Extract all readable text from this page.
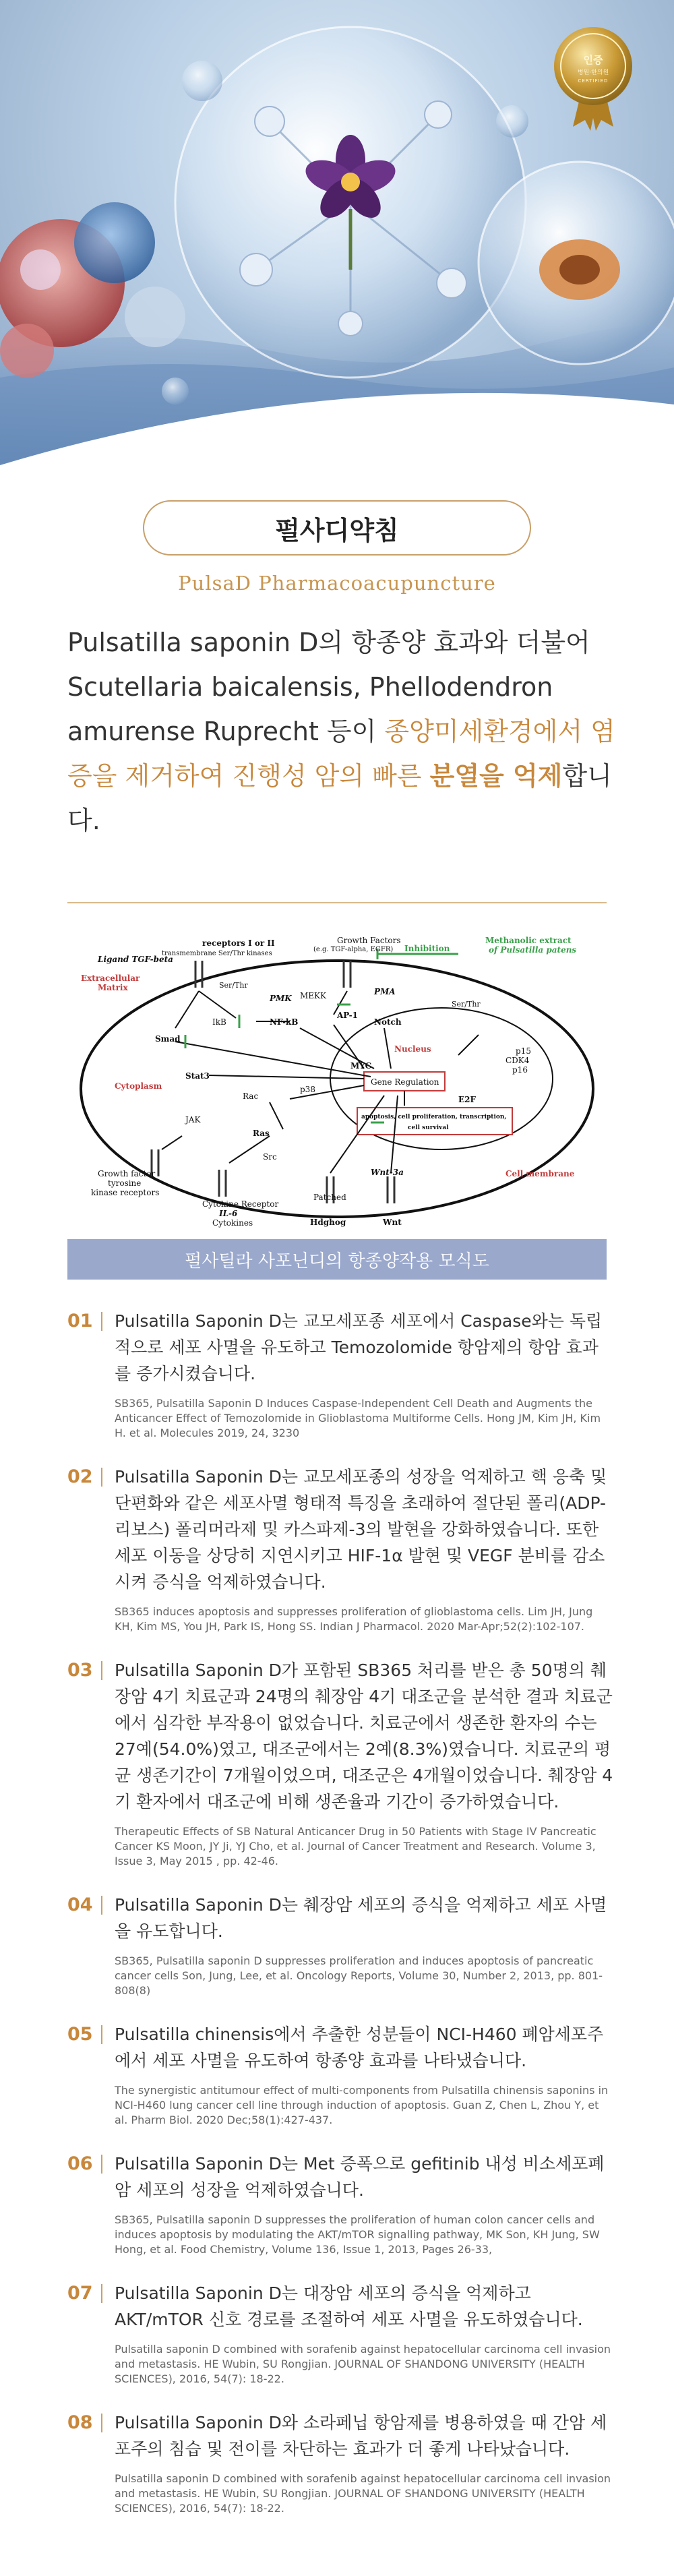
인증
병원·한의원
CERTIFIED
펄사디약침
PulsaD Pharmacoacupuncture
Pulsatilla saponin D의 항종양 효과와 더불어 Scutellaria baicalensis, Phellodendron amurense Ruprecht 등이 종양미세환경에서 염증을 제거하여 진행성 암의 빠른 분열을 억제합니다.
receptors I or II
transmembrane Ser/Thr kinases
Ligand TGF-beta
Growth Factors
(e.g. TGF-alpha, EGFR) Inhibition
Methanolic extract
of Pulsatilla patens
Extracellular
Matrix	Ser/Thr
Ser/Thr
PMK MEKK	PMA
IkB	NF-kB
AP-1
Notch
Smad
Stat3
Nucleus	p15
CDK4
p16
MYC
Cytoplasm
Rac
p38
Gene Regulation
E2F
apoptosis, cell proliferation, transcription,
cell survival
JAK
Ras
Src
Growth factor
tyrosine
kinase receptors
Cytokine Receptor
IL-6
Cytokines
Patched
Hdghog
Wnt-3a
Wnt
Cell membrane
펄사틸라 사포닌디의 항종양작용 모식도
01 Pulsatilla Saponin D는 교모세포종 세포에서 Caspase와는 독립적으로 세포 사멸을 유도하고 Temozolomide 항암제의 항암 효과를 증가시켰습니다.
SB365, Pulsatilla Saponin D Induces Caspase-Independent Cell Death and Augments the Anticancer Effect of Temozolomide in Glioblastoma Multiforme Cells. Hong JM, Kim JH, Kim H. et al. Molecules 2019, 24, 3230
02 Pulsatilla Saponin D는 교모세포종의 성장을 억제하고 핵 응축 및 단편화와 같은 세포사멸 형태적 특징을 초래하여 절단된 폴리(ADP-리보스) 폴리머라제 및 카스파제-3의 발현을 강화하였습니다. 또한 세포 이동을 상당히 지연시키고 HIF-1α 발현 및 VEGF 분비를 감소시켜 증식을 억제하였습니다.
SB365 induces apoptosis and suppresses proliferation of glioblastoma cells. Lim JH, Jung KH, Kim MS, You JH, Park IS, Hong SS. Indian J Pharmacol. 2020 Mar-Apr;52(2):102-107.
03 Pulsatilla Saponin D가 포함된 SB365 처리를 받은 총 50명의 췌장암 4기 치료군과 24명의 췌장암 4기 대조군을 분석한 결과 치료군에서 심각한 부작용이 없었습니다. 치료군에서 생존한 환자의 수는 27예(54.0%)였고, 대조군에서는 2예(8.3%)였습니다. 치료군의 평균 생존기간이 7개월이었으며, 대조군은 4개월이었습니다. 췌장암 4기 환자에서 대조군에 비해 생존율과 기간이 증가하였습니다.
Therapeutic Effects of SB Natural Anticancer Drug in 50 Patients with Stage IV Pancreatic Cancer KS Moon, JY Ji, YJ Cho, et al. Journal of Cancer Treatment and Research. Volume 3, Issue 3, May 2015 , pp. 42-46.
04 Pulsatilla Saponin D는 췌장암 세포의 증식을 억제하고 세포 사멸을 유도합니다.
SB365, Pulsatilla saponin D suppresses proliferation and induces apoptosis of pancreatic cancer cells Son, Jung, Lee, et al. Oncology Reports, Volume 30, Number 2, 2013, pp. 801-808(8)
05 Pulsatilla chinensis에서 추출한 성분들이 NCI-H460 폐암세포주에서 세포 사멸을 유도하여 항종양 효과를 나타냈습니다.
The synergistic antitumour effect of multi-components from Pulsatilla chinensis saponins in NCI-H460 lung cancer cell line through induction of apoptosis. Guan Z, Chen L, Zhou Y, et al. Pharm Biol. 2020 Dec;58(1):427-437.
06 Pulsatilla Saponin D는 Met 증폭으로 gefitinib 내성 비소세포폐암 세포의 성장을 억제하였습니다.
SB365, Pulsatilla saponin D suppresses the proliferation of human colon cancer cells and induces apoptosis by modulating the AKT/mTOR signalling pathway, MK Son, KH Jung, SW Hong, et al. Food Chemistry, Volume 136, Issue 1, 2013, Pages 26-33,
07 Pulsatilla Saponin D는 대장암 세포의 증식을 억제하고 AKT/mTOR 신호 경로를 조절하여 세포 사멸을 유도하였습니다.
Pulsatilla saponin D combined with sorafenib against hepatocellular carcinoma cell invasion and metastasis. HE Wubin, SU Rongjian. JOURNAL OF SHANDONG UNIVERSITY (HEALTH SCIENCES), 2016, 54(7): 18-22.
08 Pulsatilla Saponin D와 소라페닙 항암제를 병용하였을 때 간암 세포주의 침습 및 전이를 차단하는 효과가 더 좋게 나타났습니다.
Pulsatilla saponin D combined with sorafenib against hepatocellular carcinoma cell invasion and metastasis. HE Wubin, SU Rongjian. JOURNAL OF SHANDONG UNIVERSITY (HEALTH SCIENCES), 2016, 54(7): 18-22.
